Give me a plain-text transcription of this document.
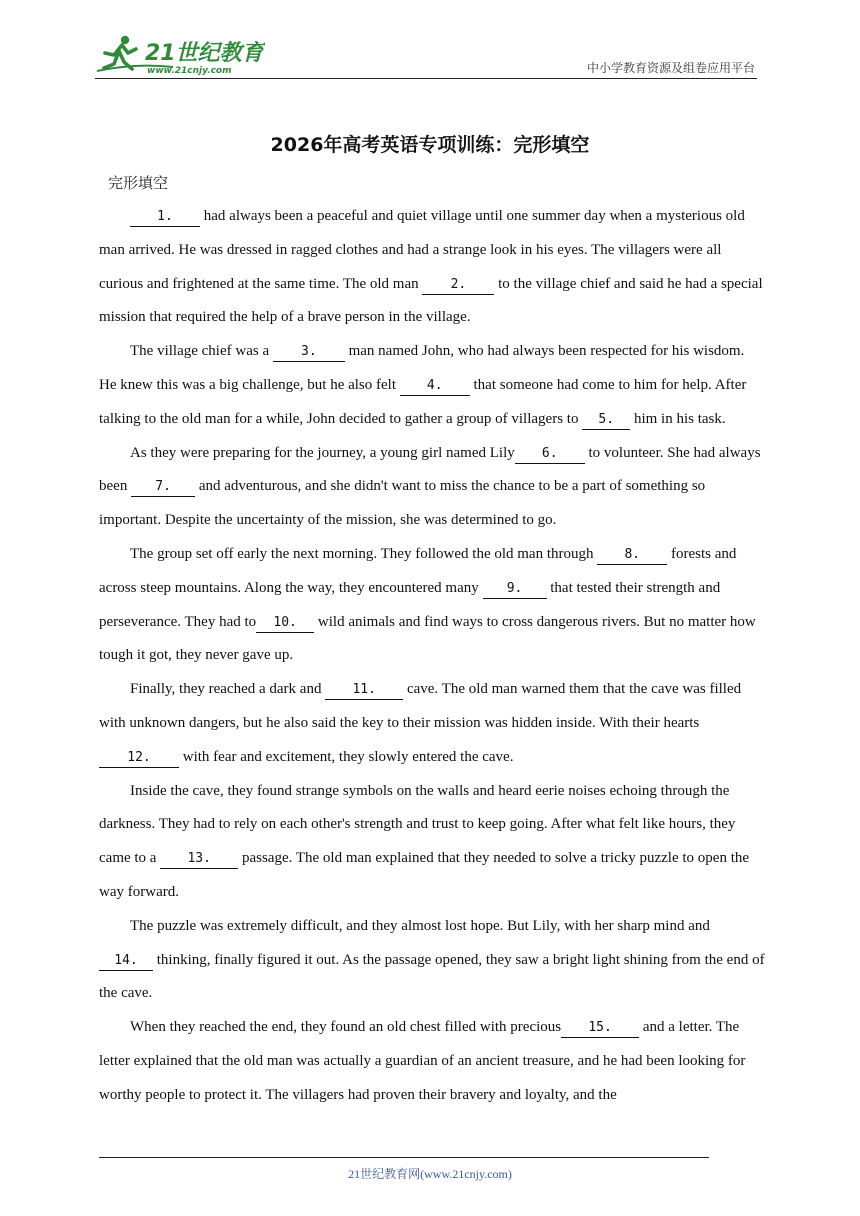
21世纪教育
www.21cnjy.com	中小学教育资源及组卷应用平台
2026年高考英语专项训练：完形填空
完形填空

1. had always been a peaceful and quiet village until one summer day when a mysterious old man arrived. He was dressed in ragged clothes and had a strange look in his eyes. The villagers were all curious and frightened at the same time. The old man 2. to the village chief and said he had a special mission that required the help of a brave person in the village.

The village chief was a 3. man named John, who had always been respected for his wisdom. He knew this was a big challenge, but he also felt 4. that someone had come to him for help. After talking to the old man for a while, John decided to gather a group of villagers to 5. him in his task.

As they were preparing for the journey, a young girl named Lily 6. to volunteer. She had always been 7. and adventurous, and she didn't want to miss the chance to be a part of something so important. Despite the uncertainty of the mission, she was determined to go.

The group set off early the next morning. They followed the old man through 8. forests and across steep mountains. Along the way, they encountered many 9. that tested their strength and perseverance. They had to 10. wild animals and find ways to cross dangerous rivers. But no matter how tough it got, they never gave up.

Finally, they reached a dark and 11. cave. The old man warned them that the cave was filled with unknown dangers, but he also said the key to their mission was hidden inside. With their hearts12. with fear and excitement, they slowly entered the cave.

Inside the cave, they found strange symbols on the walls and heard eerie noises echoing through the darkness. They had to rely on each other's strength and trust to keep going. After what felt like hours, they came to a 13. passage. The old man explained that they needed to solve a tricky puzzle to open the way forward.

The puzzle was extremely difficult, and they almost lost hope. But Lily, with her sharp mind and 14. thinking, finally figured it out. As the passage opened, they saw a bright light shining from the end of the cave.

When they reached the end, they found an old chest filled with precious 15. and a letter. The letter explained that the old man was actually a guardian of an ancient treasure, and he had been looking for worthy people to protect it. The villagers had proven their bravery and loyalty, and the

21世纪教育网(www.21cnjy.com)
